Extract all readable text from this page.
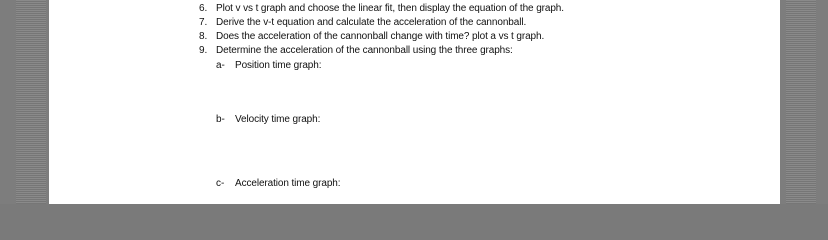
6. Plot v vs t graph and choose the linear fit, then display the equation of the graph.
7. Derive the v-t equation and calculate the acceleration of the cannonball.
8. Does the acceleration of the cannonball change with time? plot a vs t graph.
9. Determine the acceleration of the cannonball using the three graphs:
a- Position time graph:
b- Velocity time graph:
c- Acceleration time graph:
